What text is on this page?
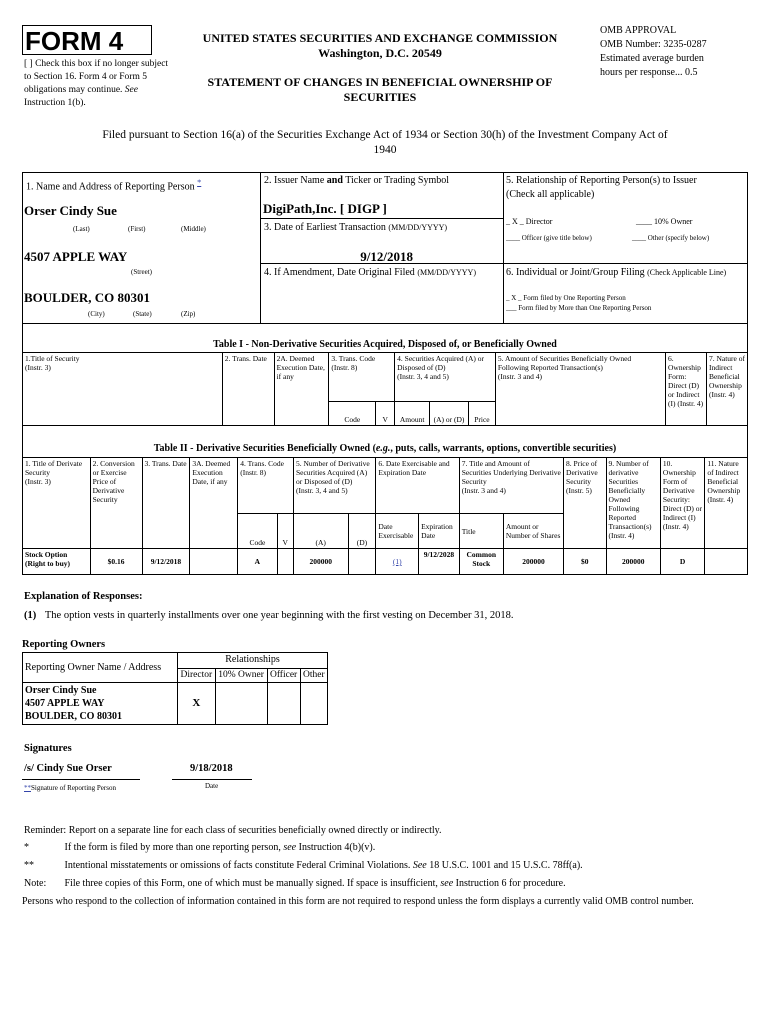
FORM 4
[ ] Check this box if no longer subject to Section 16. Form 4 or Form 5 obligations may continue. See Instruction 1(b).
UNITED STATES SECURITIES AND EXCHANGE COMMISSION
Washington, D.C. 20549
STATEMENT OF CHANGES IN BENEFICIAL OWNERSHIP OF SECURITIES
OMB APPROVAL
OMB Number: 3235-0287
Estimated average burden
hours per response... 0.5
Filed pursuant to Section 16(a) of the Securities Exchange Act of 1934 or Section 30(h) of the Investment Company Act of 1940
1. Name and Address of Reporting Person *
Orser Cindy Sue
(Last)	(First)	(Middle)
4507 APPLE WAY
(Street)
BOULDER, CO 80301
(City)	(State)	(Zip)
2. Issuer Name and Ticker or Trading Symbol
DigiPath,Inc. [ DIGP ]
3. Date of Earliest Transaction (MM/DD/YYYY)
9/12/2018
4. If Amendment, Date Original Filed (MM/DD/YYYY)
5. Relationship of Reporting Person(s) to Issuer
(Check all applicable)
_ X _ Director	____ 10% Owner
____ Officer (give title below)	____ Other (specify below)
6. Individual or Joint/Group Filing (Check Applicable Line)
_ X _ Form filed by One Reporting Person
___ Form filed by More than One Reporting Person
Table I - Non-Derivative Securities Acquired, Disposed of, or Beneficially Owned
1.Title of Security
(Instr. 3)	2. Trans. Date	2A. Deemed Execution Date, if any	3. Trans. Code
(Instr. 8)		4. Securities Acquired (A) or Disposed of (D)
(Instr. 3, 4 and 5)			5. Amount of Securities Beneficially Owned Following Reported Transaction(s)
(Instr. 3 and 4)	6. Ownership Form: Direct (D) or Indirect (I) (Instr. 4)	7. Nature of Indirect Beneficial Ownership (Instr. 4)
			Code	V	Amount	(A) or (D)	Price			
Table II - Derivative Securities Beneficially Owned (e.g., puts, calls, warrants, options, convertible securities)
1. Title of Derivate Security
(Instr. 3)	2. Conversion or Exercise Price of Derivative Security	3. Trans. Date	3A. Deemed Execution Date, if any	4. Trans. Code
(Instr. 8)		5. Number of Derivative Securities Acquired (A) or Disposed of (D)
(Instr. 3, 4 and 5)		6. Date Exercisable and Expiration Date		7. Title and Amount of Securities Underlying Derivative Security
(Instr. 3 and 4)		8. Price of Derivative Security
(Instr. 5)	9. Number of derivative Securities Beneficially Owned Following Reported Transaction(s)
(Instr. 4)	10. Ownership Form of Derivative Security: Direct (D) or Indirect (I) (Instr. 4)	11. Nature of Indirect Beneficial Ownership
(Instr. 4)
				Code	V	(A)	(D)	Date Exercisable	Expiration Date	Title	Amount or Number of Shares				
Stock Option (Right to buy)	$0.16	9/12/2018		A		200000		(1)	9/12/2028	Common Stock	200000	$0	200000	D	
Explanation of Responses:
(1) The option vests in quarterly installments over one year beginning with the first vesting on December 31, 2018.
Reporting Owners
Reporting Owner Name / Address	Relationships			
	Director	10% Owner	Officer	Other

Orser Cindy Sue
4507 APPLE WAY
BOULDER, CO 80301	X			
Signatures
/s/ Cindy Sue Orser	9/18/2018
**Signature of Reporting Person	Date
Reminder: Report on a separate line for each class of securities beneficially owned directly or indirectly.
*	If the form is filed by more than one reporting person, see Instruction 4(b)(v).
**	Intentional misstatements or omissions of facts constitute Federal Criminal Violations. See 18 U.S.C. 1001 and 15 U.S.C. 78ff(a).
Note: File three copies of this Form, one of which must be manually signed. If space is insufficient, see Instruction 6 for procedure.
Persons who respond to the collection of information contained in this form are not required to respond unless the form displays a currently valid OMB control number.
